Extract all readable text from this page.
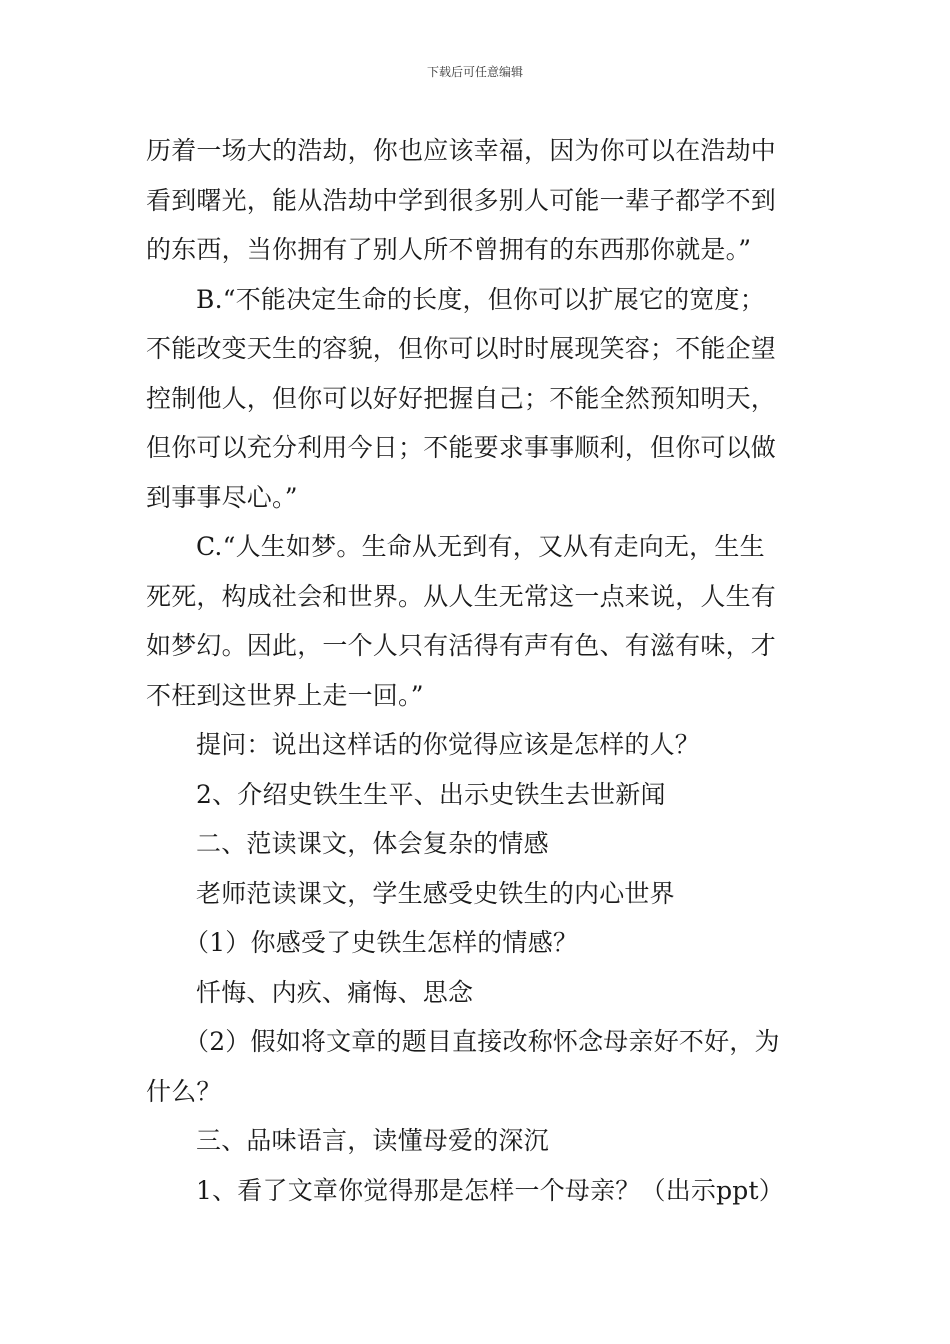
下载后可任意编辑
历着一场大的浩劫，你也应该幸福，因为你可以在浩劫中
看到曙光，能从浩劫中学到很多别人可能一辈子都学不到
的东西，当你拥有了别人所不曾拥有的东西那你就是。”
B.“不能决定生命的长度，但你可以扩展它的宽度；
不能改变天生的容貌，但你可以时时展现笑容；不能企望
控制他人，但你可以好好把握自己；不能全然预知明天，
但你可以充分利用今日；不能要求事事顺利，但你可以做
到事事尽心。”
C.“人生如梦。生命从无到有，又从有走向无，生生
死死，构成社会和世界。从人生无常这一点来说，人生有
如梦幻。因此，一个人只有活得有声有色、有滋有味，才
不枉到这世界上走一回。”
提问：说出这样话的你觉得应该是怎样的人？
2、介绍史铁生生平、出示史铁生去世新闻
二、范读课文，体会复杂的情感
老师范读课文，学生感受史铁生的内心世界
（1）你感受了史铁生怎样的情感？
忏悔、内疚、痛悔、思念
（2）假如将文章的题目直接改称怀念母亲好不好，为
什么？
三、品味语言，读懂母爱的深沉
1、看了文章你觉得那是怎样一个母亲？（出示ppt）
